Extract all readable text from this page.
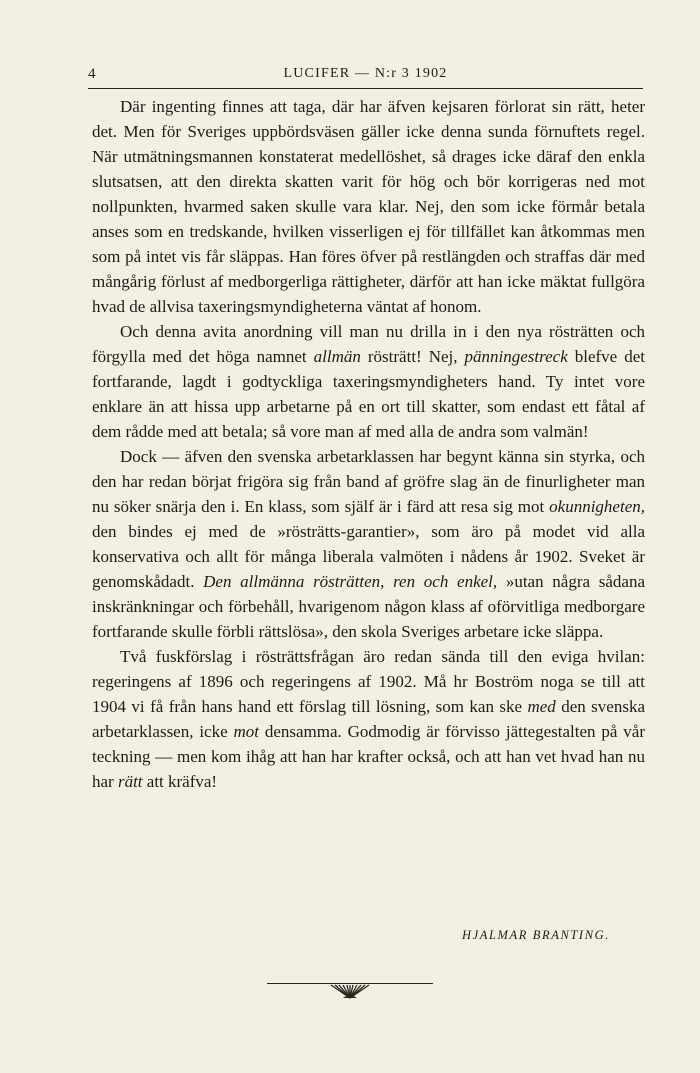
4	LUCIFER — N:r 3 1902

Där ingenting finnes att taga, där har äfven kejsaren förlorat sin rätt, heter det. Men för Sveriges uppbördsväsen gäller icke denna sunda förnuftets regel. När utmätningsmannen konstaterat medellöshet, så drages icke däraf den enkla slutsatsen, att den direkta skatten varit för hög och bör korrigeras ned mot nollpunkten, hvarmed saken skulle vara klar. Nej, den som icke förmår betala anses som en tredskande, hvilken visserligen ej för tillfället kan åtkommas men som på intet vis får släppas. Han föres öfver på restlängden och straffas där med mångårig förlust af medborgerliga rättigheter, därför att han icke mäktat fullgöra hvad de allvisa taxeringsmyndigheterna väntat af honom.

Och denna avita anordning vill man nu drilla in i den nya rösträtten och förgylla med det höga namnet allmän rösträtt! Nej, pänningestreck blefve det fortfarande, lagdt i godtyckliga taxeringsmyndigheters hand. Ty intet vore enklare än att hissa upp arbetarne på en ort till skatter, som endast ett fåtal af dem rådde med att betala; så vore man af med alla de andra som valmän!

Dock — äfven den svenska arbetarklassen har begynt känna sin styrka, och den har redan börjat frigöra sig från band af gröfre slag än de finurligheter man nu söker snärja den i. En klass, som själf är i färd att resa sig mot okunnigheten, den bindes ej med de »rösträtts-garantier», som äro på modet vid alla konservativa och allt för många liberala valmöten i nådens år 1902. Sveket är genomskådadt. Den allmänna rösträtten, ren och enkel, »utan några sådana inskränkningar och förbehåll, hvarigenom någon klass af oförvitliga medborgare fortfarande skulle förbli rättslösa», den skola Sveriges arbetare icke släppa.

Två fuskförslag i rösträttsfrågan äro redan sända till den eviga hvilan: regeringens af 1896 och regeringens af 1902. Må hr Boström noga se till att 1904 vi få från hans hand ett förslag till lösning, som kan ske med den svenska arbetarklassen, icke mot densamma. Godmodig är förvisso jättegestalten på vår teckning — men kom ihåg att han har krafter också, och att han vet hvad han nu har rätt att kräfva!

HJALMAR BRANTING.
